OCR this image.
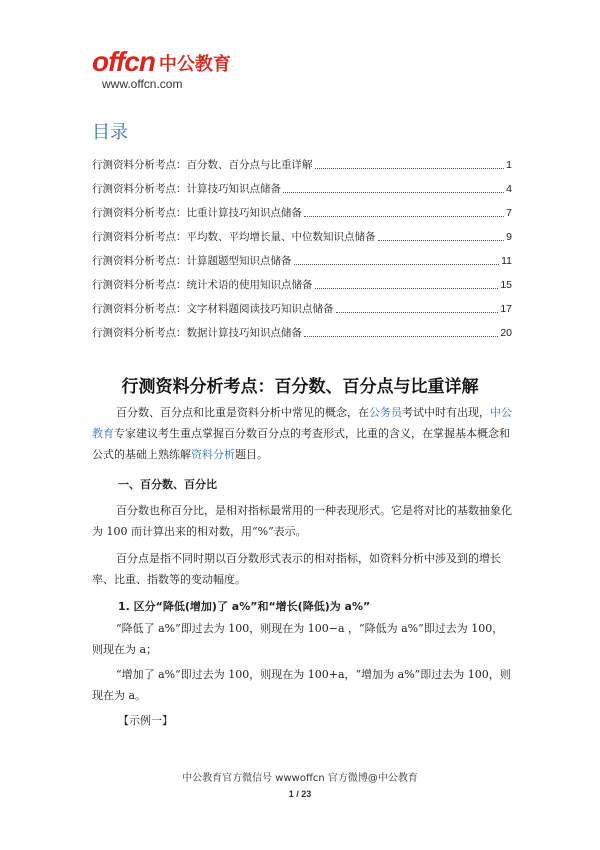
offcn 中公教育
www.offcn.com
目录
行测资料分析考点：百分数、百分点与比重详解	1
行测资料分析考点：计算技巧知识点储备	4
行测资料分析考点：比重计算技巧知识点储备	7
行测资料分析考点：平均数、平均增长量、中位数知识点储备	9
行测资料分析考点：计算题题型知识点储备	11
行测资料分析考点：统计术语的使用知识点储备	15
行测资料分析考点：文字材料题阅读技巧知识点储备	17
行测资料分析考点：数据计算技巧知识点储备	20
行测资料分析考点：百分数、百分点与比重详解
百分数、百分点和比重是资料分析中常见的概念，在公务员考试中时有出现，中公教育专家建议考生重点掌握百分数百分点的考查形式，比重的含义，在掌握基本概念和公式的基础上熟练解资料分析题目。
一、百分数、百分比
百分数也称百分比，是相对指标最常用的一种表现形式。它是将对比的基数抽象化为 100 而计算出来的相对数，用“%”表示。
百分点是指不同时期以百分数形式表示的相对指标，如资料分析中涉及到的增长率、比重、指数等的变动幅度。
1. 区分“降低(增加)了 a%”和“增长(降低)为 a%”
“降低了 a%”即过去为 100，则现在为 100−a ，“降低为 a%”即过去为 100，则现在为 a；
“增加了 a%”即过去为 100，则现在为 100+a，“增加为 a%”即过去为 100，则现在为 a。
【示例一】
中公教育官方微信号 wwwoffcn 官方微博@中公教育
1 / 23
